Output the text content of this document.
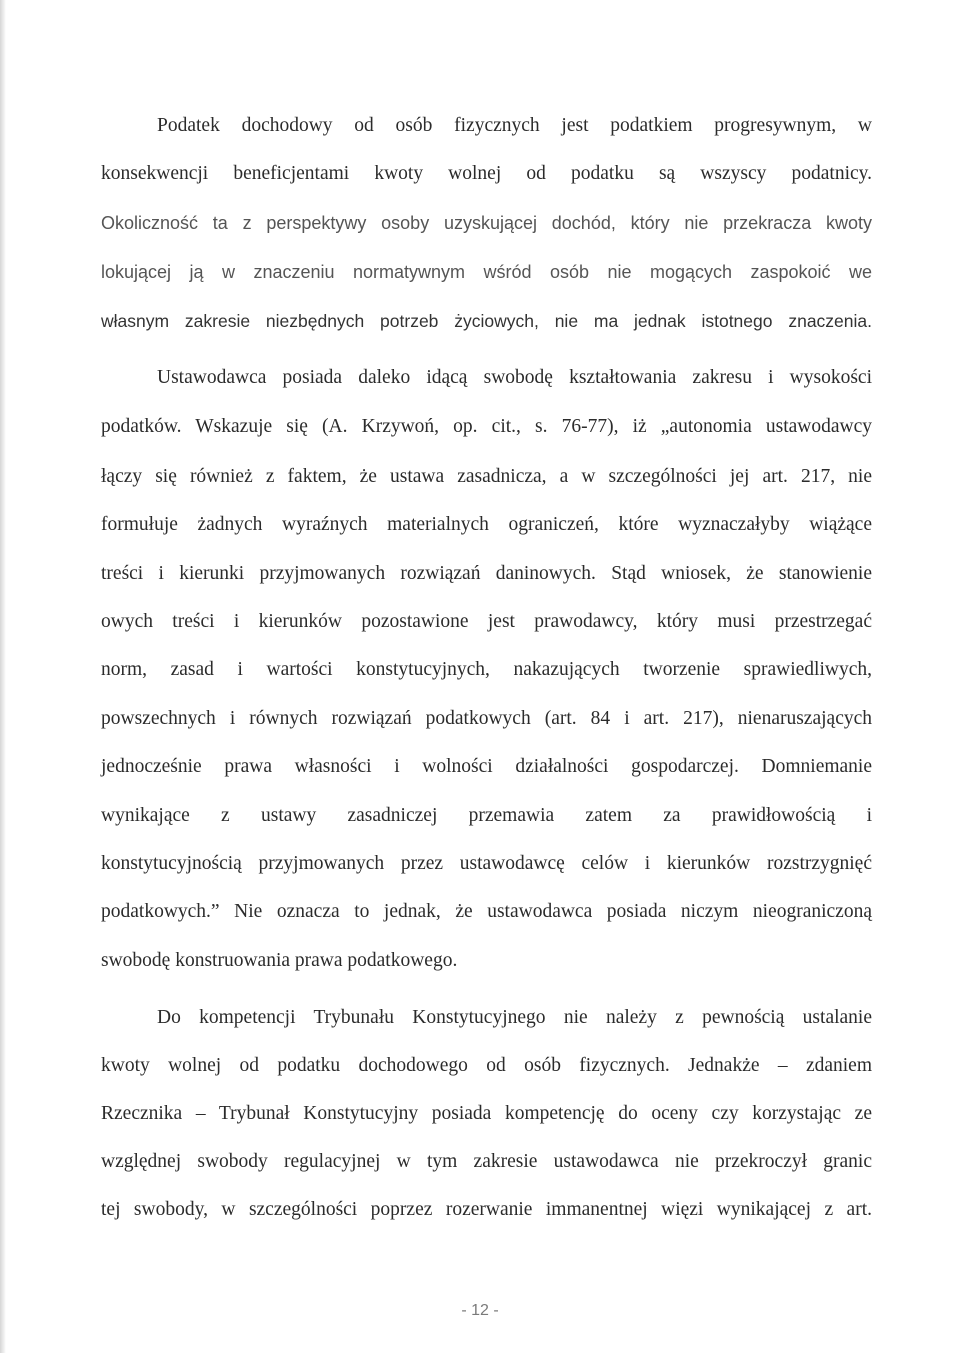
Podatek dochodowy od osób fizycznych jest podatkiem progresywnym, w
konsekwencji beneficjentami kwoty wolnej od podatku są wszyscy podatnicy.
Okoliczność ta z perspektywy osoby uzyskującej dochód, który nie przekracza kwoty
lokującej ją w znaczeniu normatywnym wśród osób nie mogących zaspokoić we
własnym zakresie niezbędnych potrzeb życiowych, nie ma jednak istotnego znaczenia.
Ustawodawca posiada daleko idącą swobodę kształtowania zakresu i wysokości
podatków. Wskazuje się (A. Krzywoń, op. cit., s. 76-77), iż „autonomia ustawodawcy
łączy się również z faktem, że ustawa zasadnicza, a w szczególności jej art. 217, nie
formułuje żadnych wyraźnych materialnych ograniczeń, które wyznaczałyby wiążące
treści i kierunki przyjmowanych rozwiązań daninowych. Stąd wniosek, że stanowienie
owych treści i kierunków pozostawione jest prawodawcy, który musi przestrzegać
norm, zasad i wartości konstytucyjnych, nakazujących tworzenie sprawiedliwych,
powszechnych i równych rozwiązań podatkowych (art. 84 i art. 217), nienaruszających
jednocześnie prawa własności i wolności działalności gospodarczej. Domniemanie
wynikające z ustawy zasadniczej przemawia zatem za prawidłowością i
konstytucyjnością przyjmowanych przez ustawodawcę celów i kierunków rozstrzygnięć
podatkowych.” Nie oznacza to jednak, że ustawodawca posiada niczym nieograniczoną
swobodę konstruowania prawa podatkowego.
Do kompetencji Trybunału Konstytucyjnego nie należy z pewnością ustalanie
kwoty wolnej od podatku dochodowego od osób fizycznych. Jednakże – zdaniem
Rzecznika – Trybunał Konstytucyjny posiada kompetencję do oceny czy korzystając ze
względnej swobody regulacyjnej w tym zakresie ustawodawca nie przekroczył granic
tej swobody, w szczególności poprzez rozerwanie immanentnej więzi wynikającej z art.
- 12 -
